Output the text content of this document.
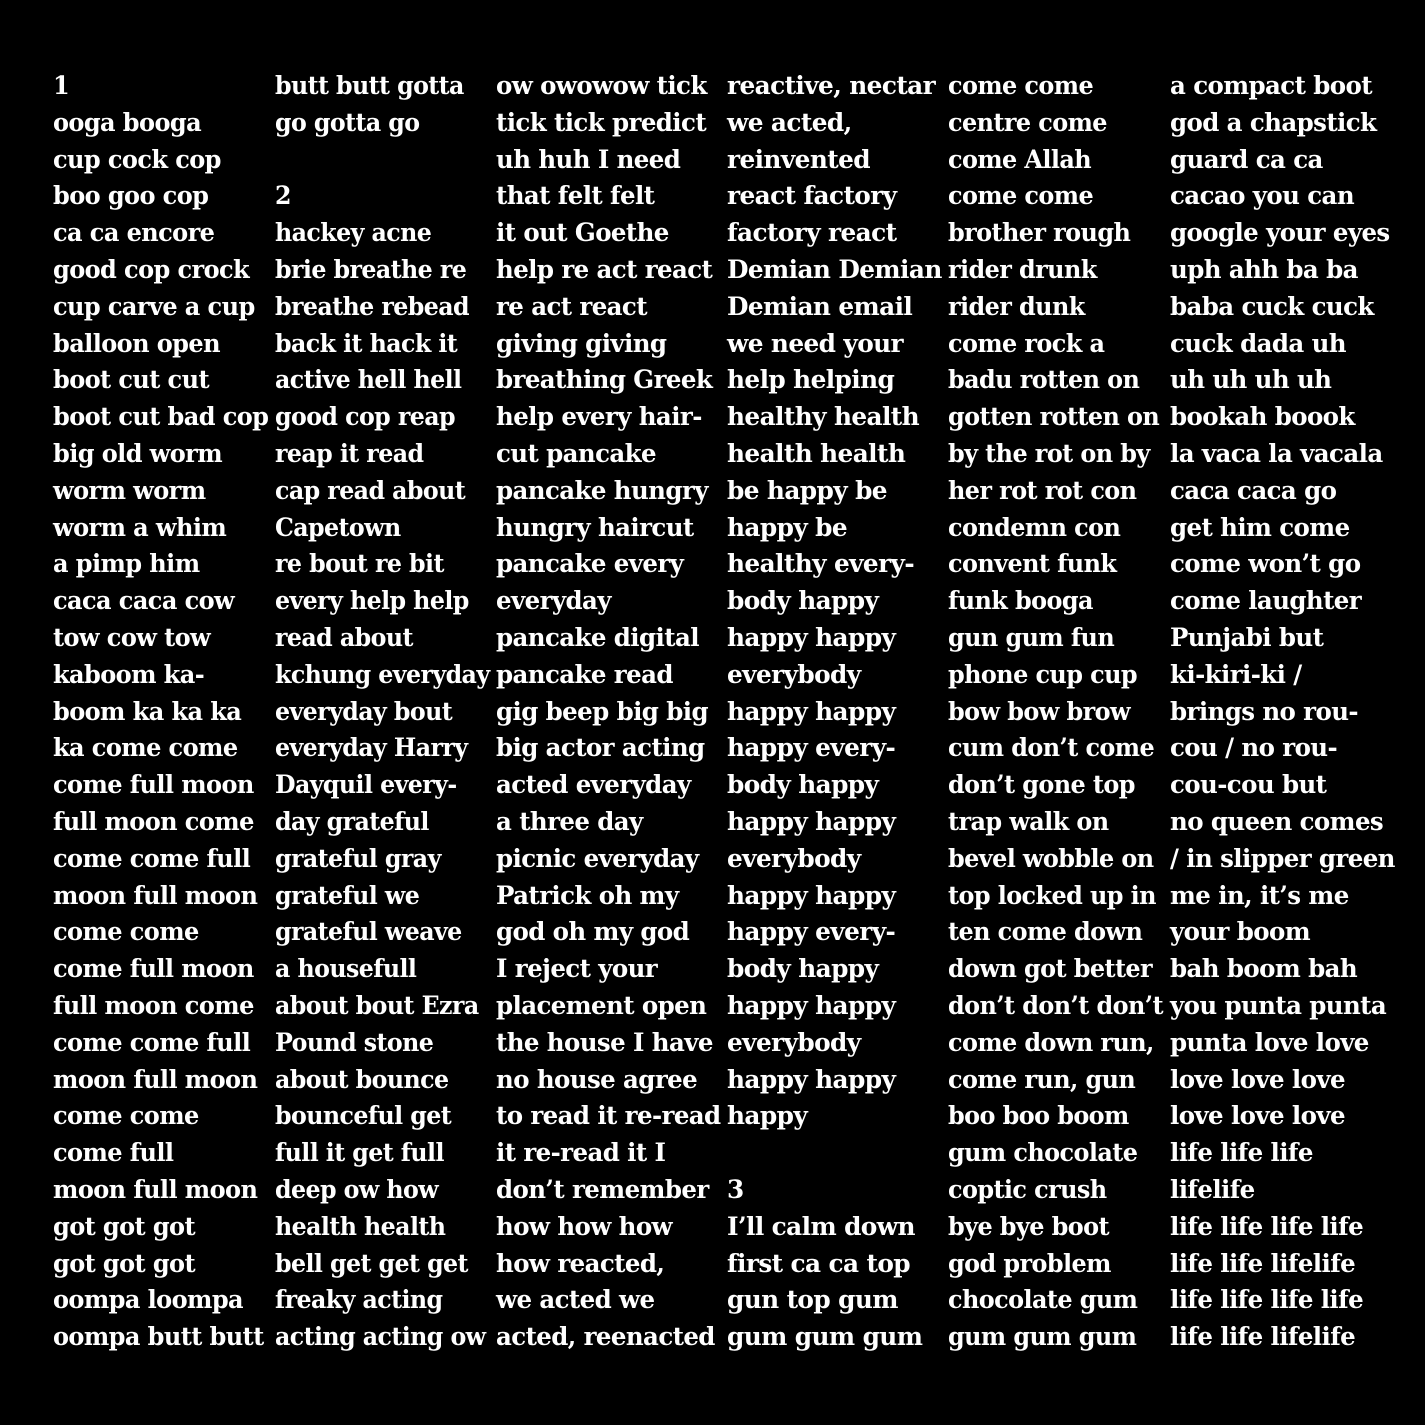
1
ooga booga
cup cock cop
boo goo cop
ca ca encore
good cop crock
cup carve a cup
balloon open
boot cut cut
boot cut bad cop
big old worm
worm worm
worm a whim
a pimp him
caca caca cow
tow cow tow
kaboom ka-
boom ka ka ka
ka come come
come full moon
full moon come
come come full
moon full moon
come come
come full moon
full moon come
come come full
moon full moon
come come
come full
moon full moon
got got got
got got got
oompa loompa
oompa butt butt
butt butt gotta
go gotta go

2
hackey acne
brie breathe re
breathe rebead
back it hack it
active hell hell
good cop reap
reap it read
cap read about
Capetown
re bout re bit
every help help
read about
kchung everyday
everyday bout
everyday Harry
Dayquil every-
day grateful
grateful gray
grateful we
grateful weave
a housefull
about bout Ezra
Pound stone
about bounce
bounceful get
full it get full
deep ow how
health health
bell get get get
freaky acting
acting acting ow
ow owowow tick
tick tick predict
uh huh I need
that felt felt
it out Goethe
help re act react
re act react
giving giving
breathing Greek
help every hair-
cut pancake
pancake hungry
hungry haircut
pancake every
everyday
pancake digital
pancake read
gig beep big big
big actor acting
acted everyday
a three day
picnic everyday
Patrick oh my
god oh my god
I reject your
placement open
the house I have
no house agree
to read it re-read
it re-read it I
don’t remember
how how how
how reacted,
we acted we
acted, reenacted
reactive, nectar
we acted,
reinvented
react factory
factory react
Demian Demian
Demian email
we need your
help helping
healthy health
health health
be happy be
happy be
healthy every-
body happy
happy happy
everybody
happy happy
happy every-
body happy
happy happy
everybody
happy happy
happy every-
body happy
happy happy
everybody
happy happy
happy

3
I’ll calm down
first ca ca top
gun top gum
gum gum gum
come come
centre come
come Allah
come come
brother rough
rider drunk
rider dunk
come rock a
badu rotten on
gotten rotten on
by the rot on by
her rot rot con
condemn con
convent funk
funk booga
gun gum fun
phone cup cup
bow bow brow
cum don’t come
don’t gone top
trap walk on
bevel wobble on
top locked up in
ten come down
down got better
don’t don’t don’t
come down run,
come run, gun
boo boo boom
gum chocolate
coptic crush
bye bye boot
god problem
chocolate gum
gum gum gum
a compact boot
god a chapstick
guard ca ca
cacao you can
google your eyes
uph ahh ba ba
baba cuck cuck
cuck dada uh
uh uh uh uh
bookah boook
la vaca la vacala
caca caca go
get him come
come won’t go
come laughter
Punjabi but
ki-kiri-ki /
brings no rou-
cou / no rou-
cou-cou but
no queen comes
/ in slipper green
me in, it’s me
your boom
bah boom bah
you punta punta
punta love love
love love love
love love love
life life life
lifelife
life life life life
life life lifelife
life life life life
life life lifelife
